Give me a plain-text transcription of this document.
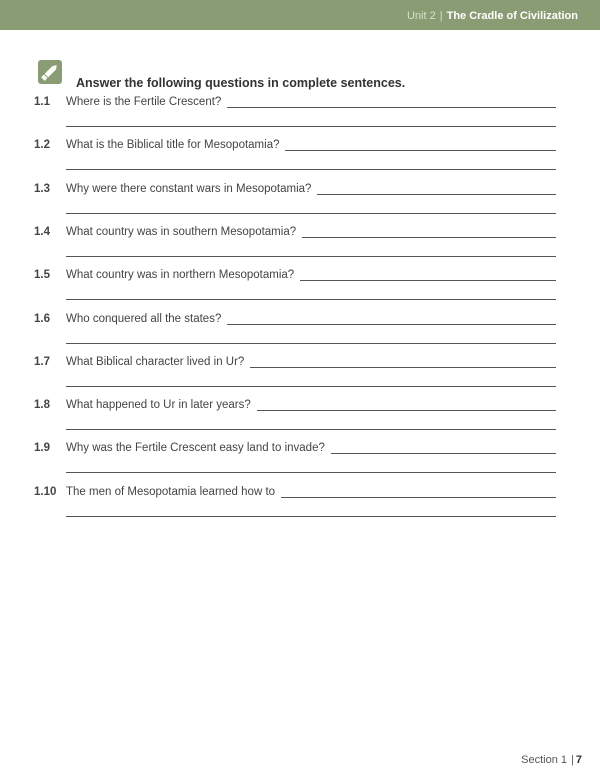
Unit 2 | The Cradle of Civilization
Answer the following questions in complete sentences.
1.1 Where is the Fertile Crescent?
1.2 What is the Biblical title for Mesopotamia?
1.3 Why were there constant wars in Mesopotamia?
1.4 What country was in southern Mesopotamia?
1.5 What country was in northern Mesopotamia?
1.6 Who conquered all the states?
1.7 What Biblical character lived in Ur?
1.8 What happened to Ur in later years?
1.9 Why was the Fertile Crescent easy land to invade?
1.10 The men of Mesopotamia learned how to
Section 1 | 7
